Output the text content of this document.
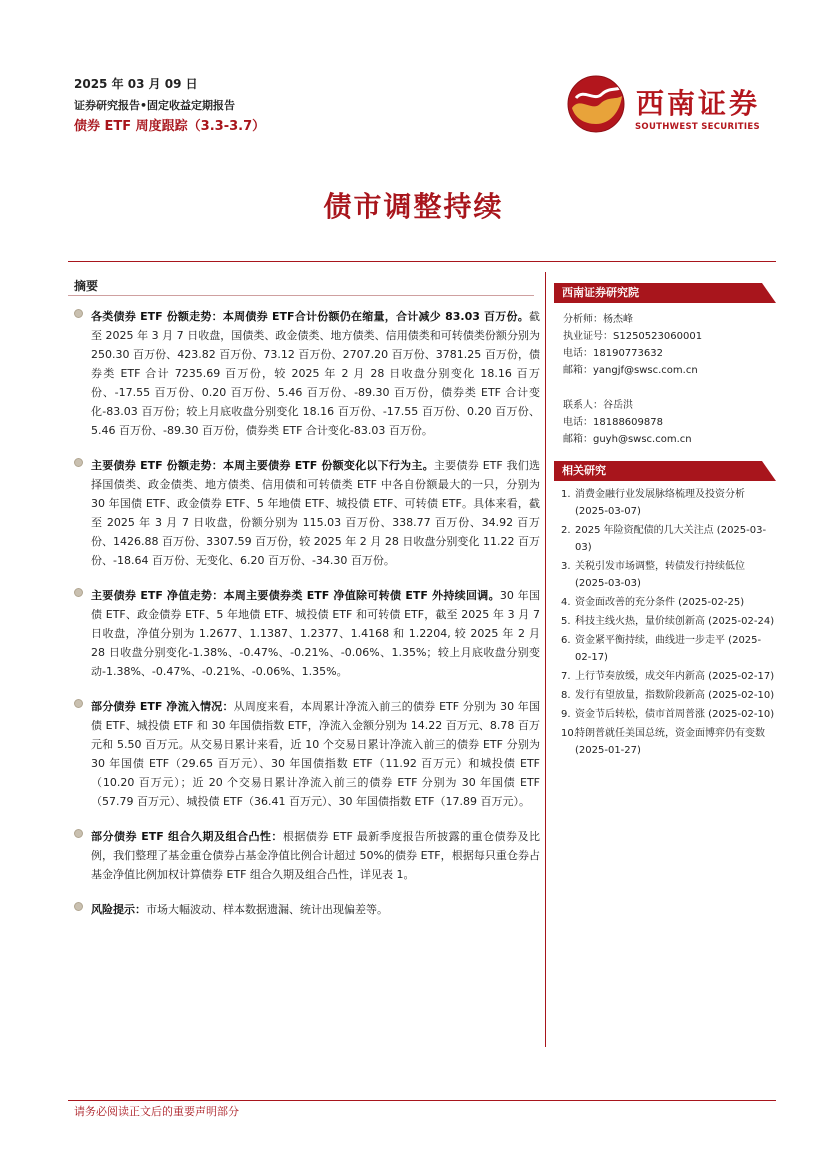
2025 年 03 月 09 日
证券研究报告•固定收益定期报告
债券 ETF 周度跟踪（3.3-3.7）
西南证券
SOUTHWEST SECURITIES
债市调整持续
摘要
各类债券 ETF 份额走势：本周债券 ETF合计份额仍在缩量，合计减少 83.03 百万份。截至 2025 年 3 月 7 日收盘，国债类、政金债类、地方债类、信用债类和可转债类份额分别为 250.30 百万份、423.82 百万份、73.12 百万份、2707.20 百万份、3781.25 百万份，债券类 ETF 合计 7235.69 百万份，较 2025 年 2 月 28 日收盘分别变化 18.16 百万份、-17.55 百万份、0.20 百万份、5.46 百万份、-89.30 百万份，债券类 ETF 合计变化-83.03 百万份；较上月底收盘分别变化 18.16 百万份、-17.55 百万份、0.20 百万份、5.46 百万份、-89.30 百万份，债券类 ETF 合计变化-83.03 百万份。
主要债券 ETF 份额走势：本周主要债券 ETF 份额变化以下行为主。主要债券 ETF 我们选择国债类、政金债类、地方债类、信用债和可转债类 ETF 中各自份额最大的一只，分别为 30 年国债 ETF、政金债券 ETF、5 年地债 ETF、城投债 ETF、可转债 ETF。具体来看，截至 2025 年 3 月 7 日收盘，份额分别为 115.03 百万份、338.77 百万份、34.92 百万份、1426.88 百万份、3307.59 百万份，较 2025 年 2 月 28 日收盘分别变化 11.22 百万份、-18.64 百万份、无变化、6.20 百万份、-34.30 百万份。
主要债券 ETF 净值走势：本周主要债券类 ETF 净值除可转债 ETF 外持续回调。30 年国债 ETF、政金债券 ETF、5 年地债 ETF、城投债 ETF 和可转债 ETF，截至 2025 年 3 月 7 日收盘，净值分别为 1.2677、1.1387、1.2377、1.4168 和 1.2204, 较 2025 年 2 月 28 日收盘分别变化-1.38%、-0.47%、-0.21%、-0.06%、1.35%；较上月底收盘分别变动-1.38%、-0.47%、-0.21%、-0.06%、1.35%。
部分债券 ETF 净流入情况：从周度来看，本周累计净流入前三的债券 ETF 分别为 30 年国债 ETF、城投债 ETF 和 30 年国债指数 ETF，净流入金额分别为 14.22 百万元、8.78 百万元和 5.50 百万元。从交易日累计来看，近 10 个交易日累计净流入前三的债券 ETF 分别为 30 年国债 ETF（29.65 百万元）、30 年国债指数 ETF（11.92 百万元）和城投债 ETF（10.20 百万元）；近 20 个交易日累计净流入前三的债券 ETF 分别为 30 年国债 ETF（57.79 百万元）、城投债 ETF（36.41 百万元）、30 年国债指数 ETF（17.89 百万元）。
部分债券 ETF 组合久期及组合凸性：根据债券 ETF 最新季度报告所披露的重仓债券及比例，我们整理了基金重仓债券占基金净值比例合计超过 50%的债券 ETF，根据每只重仓券占基金净值比例加权计算债券 ETF 组合久期及组合凸性，详见表 1。
风险提示：市场大幅波动、样本数据遗漏、统计出现偏差等。
西南证券研究院
分析师：杨杰峰
执业证号：S1250523060001
电话：18190773632
邮箱：yangjf@swsc.com.cn
联系人：谷岳洪
电话：18188609878
邮箱：guyh@swsc.com.cn
相关研究
1. 消费金融行业发展脉络梳理及投资分析 (2025-03-07)
2. 2025 年险资配债的几大关注点 (2025-03-03)
3. 关税引发市场调整，转债发行持续低位 (2025-03-03)
4. 资金面改善的充分条件 (2025-02-25)
5. 科技主线火热，量价续创新高 (2025-02-24)
6. 资金紧平衡持续，曲线进一步走平 (2025-02-17)
7. 上行节奏放缓，成交年内新高 (2025-02-17)
8. 发行有望放量，指数阶段新高 (2025-02-10)
9. 资金节后转松，债市首周普涨 (2025-02-10)
10.
特朗普就任美国总统，资金面博弈仍有变数 (2025-01-27)
请务必阅读正文后的重要声明部分
